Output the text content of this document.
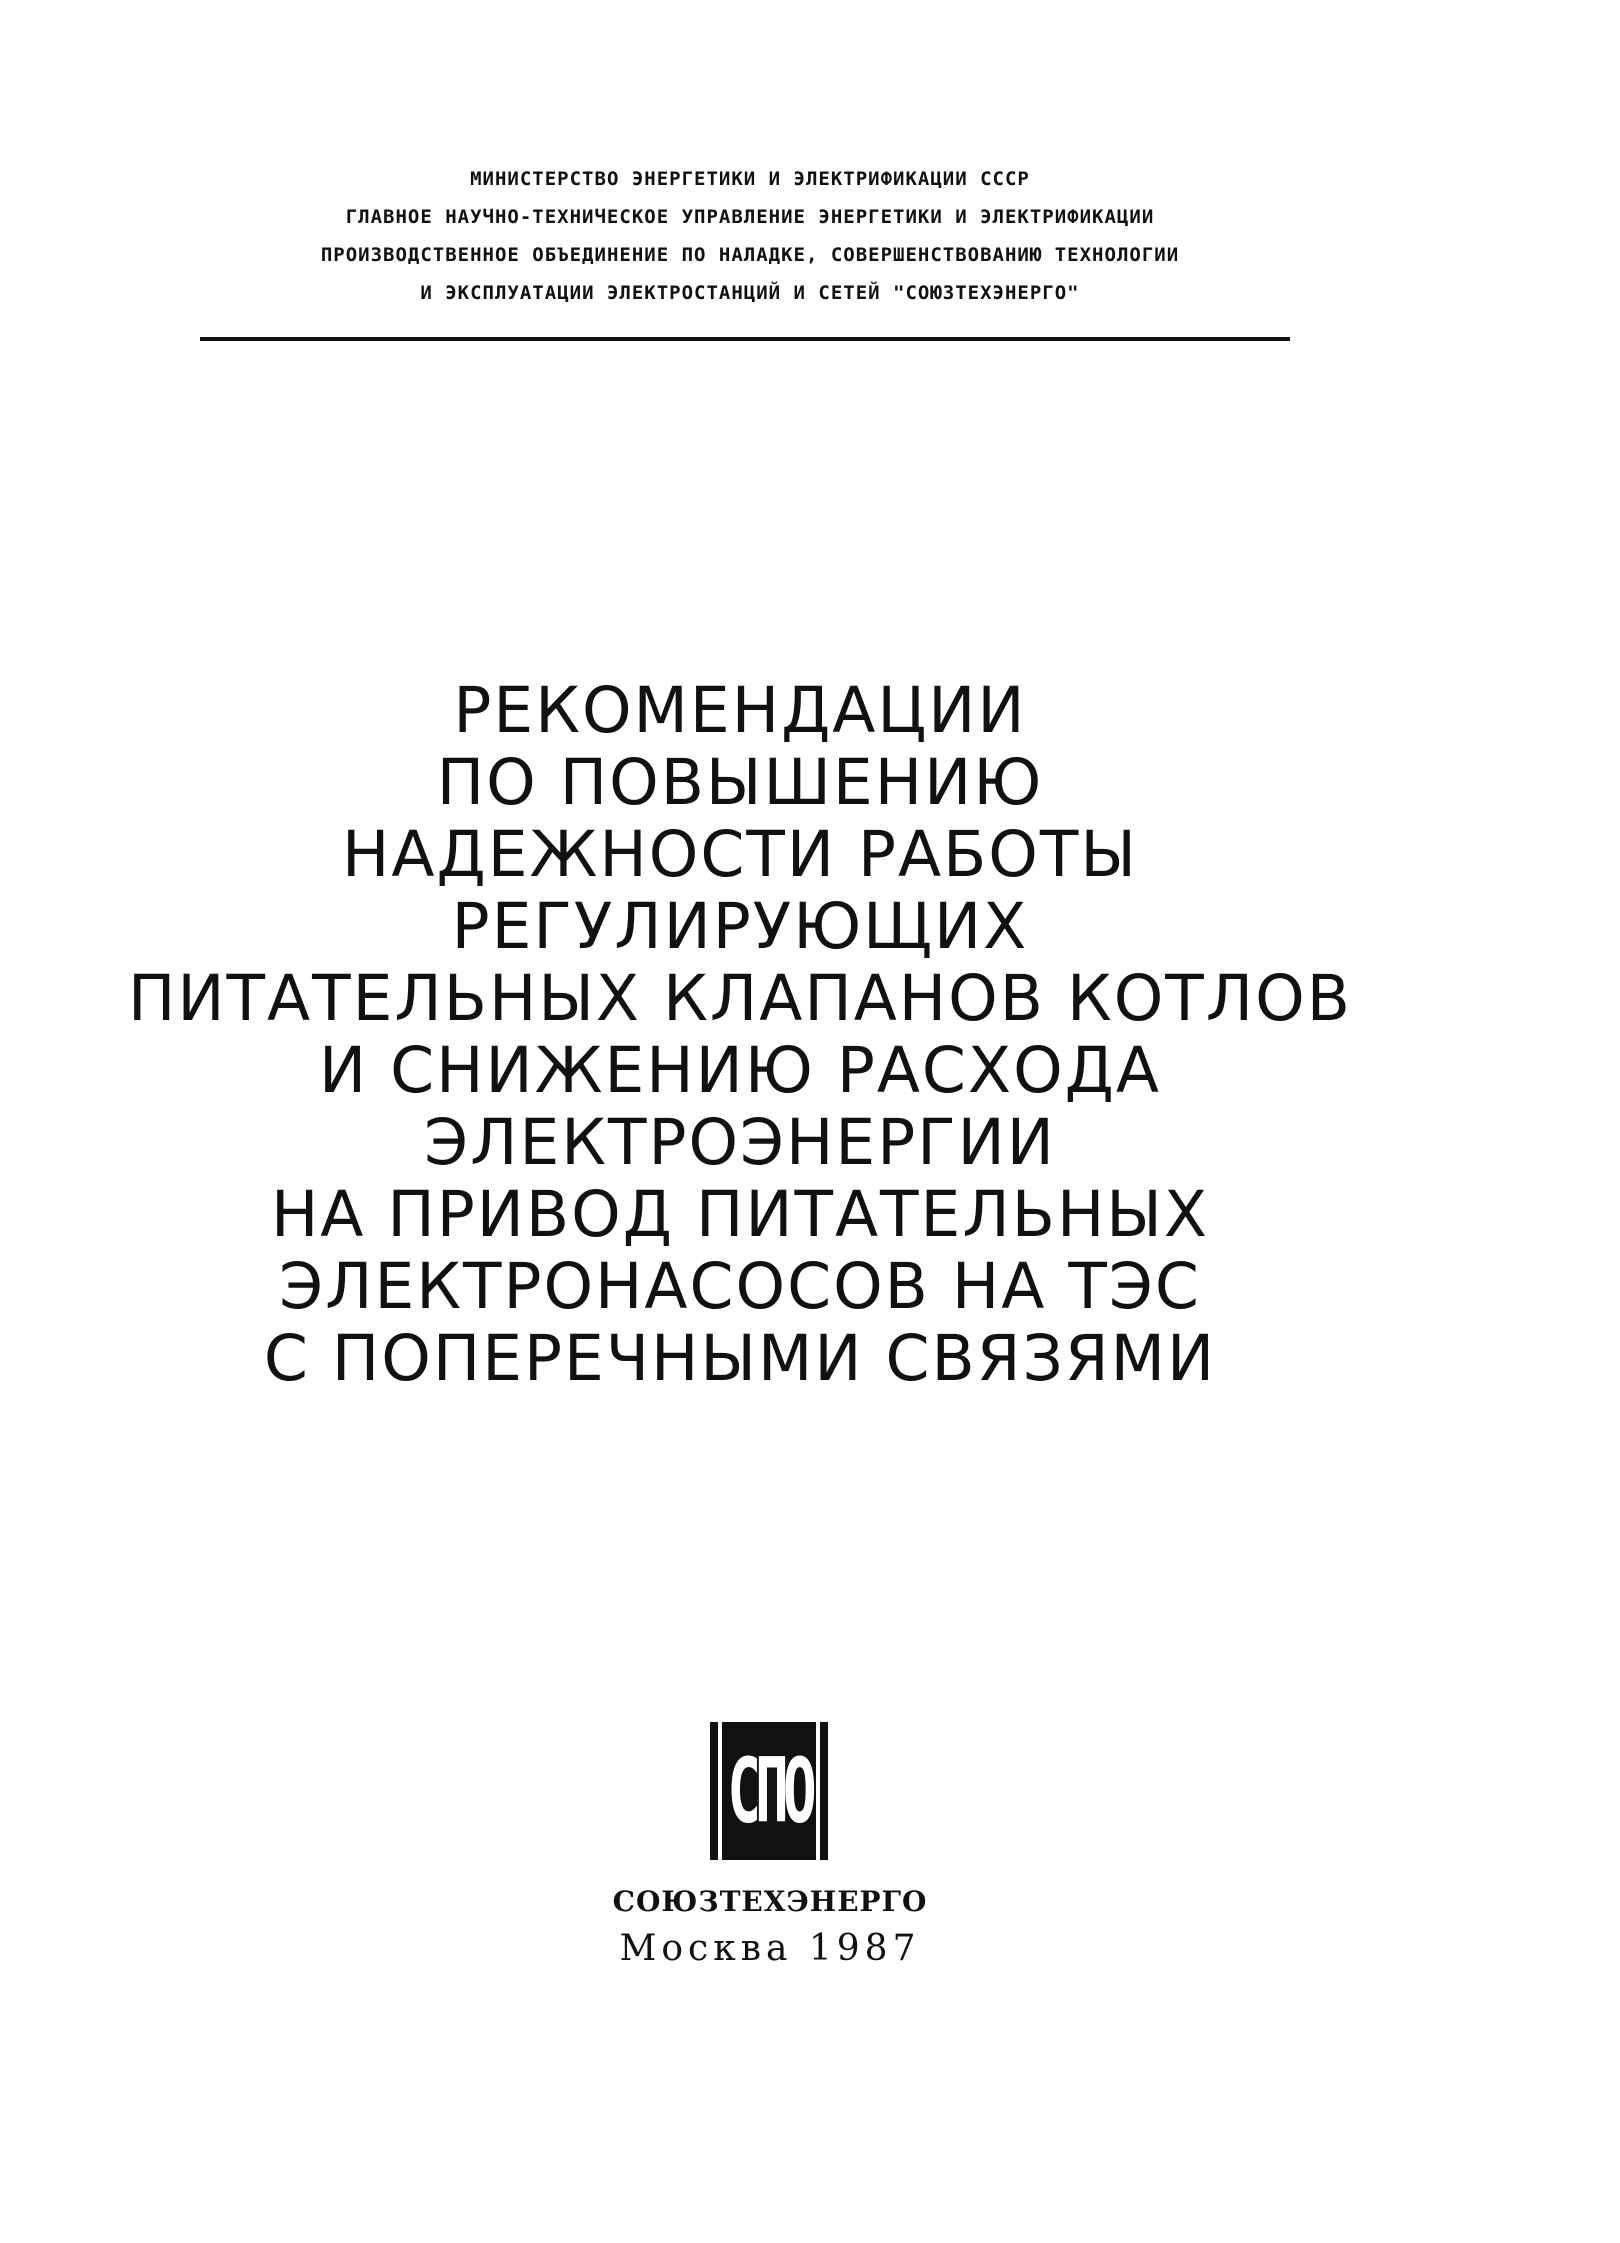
МИНИСТЕРСТВО ЭНЕРГЕТИКИ И ЭЛЕКТРИФИКАЦИИ СССР
ГЛАВНОЕ НАУЧНО-ТЕХНИЧЕСКОЕ УПРАВЛЕНИЕ ЭНЕРГЕТИКИ И ЭЛЕКТРИФИКАЦИИ
ПРОИЗВОДСТВЕННОЕ ОБЪЕДИНЕНИЕ ПО НАЛАДКЕ, СОВЕРШЕНСТВОВАНИЮ ТЕХНОЛОГИИ
И ЭКСПЛУАТАЦИИ ЭЛЕКТРОСТАНЦИЙ И СЕТЕЙ "СОЮЗТЕХЭНЕРГО"
РЕКОМЕНДАЦИИ
ПО ПОВЫШЕНИЮ
НАДЕЖНОСТИ РАБОТЫ
РЕГУЛИРУЮЩИХ
ПИТАТЕЛЬНЫХ КЛАПАНОВ КОТЛОВ
И СНИЖЕНИЮ РАСХОДА
ЭЛЕКТРОЭНЕРГИИ
НА ПРИВОД ПИТАТЕЛЬНЫХ
ЭЛЕКТРОНАСОСОВ НА ТЭС
С ПОПЕРЕЧНЫМИ СВЯЗЯМИ
СПО
СОЮЗТЕХЭНЕРГО
Москва 1987
